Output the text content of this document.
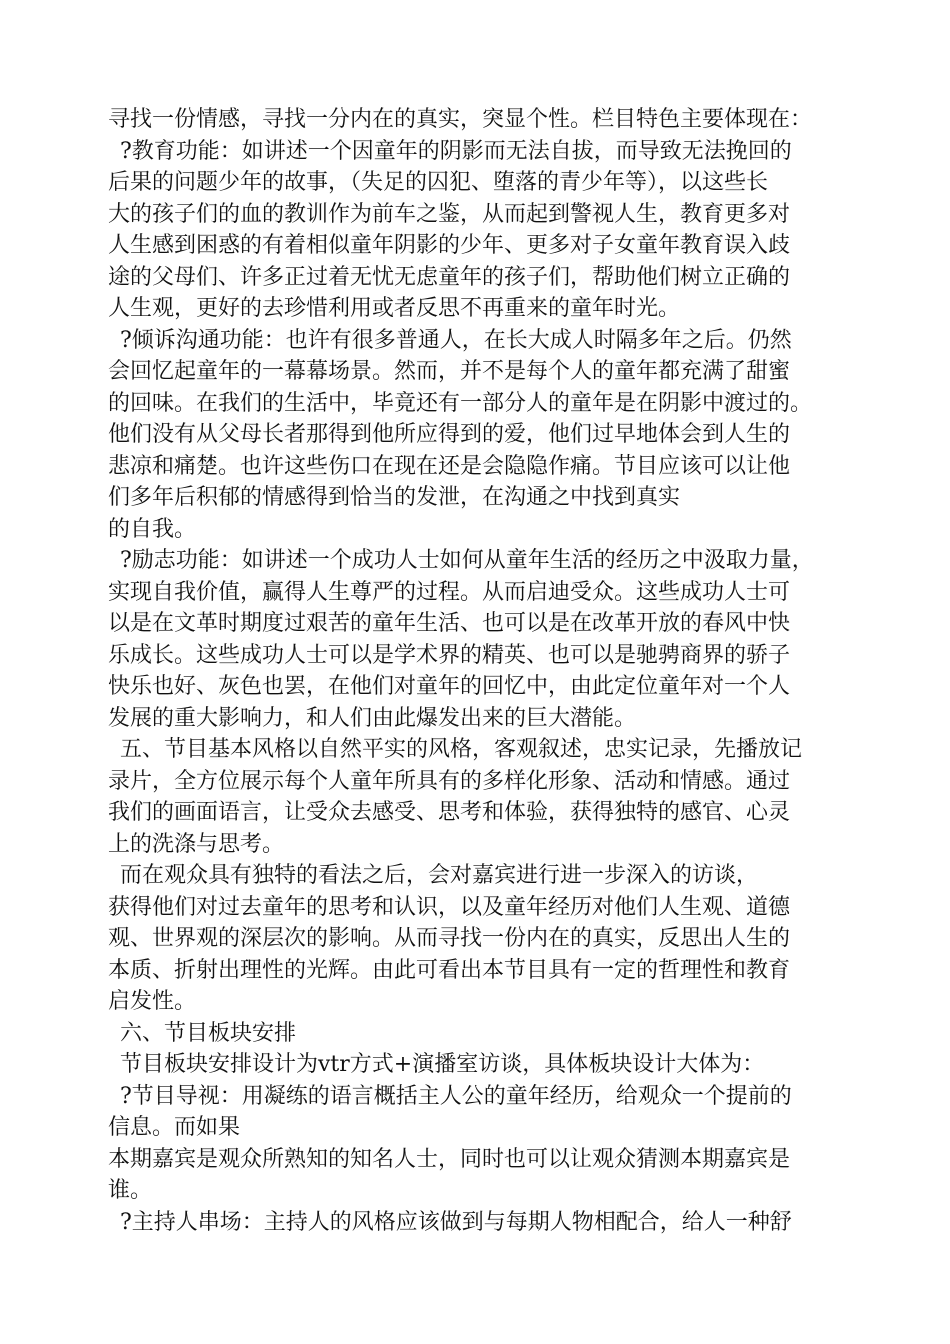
寻找一份情感，寻找一分内在的真实，突显个性。栏目特色主要体现在：
?教育功能：如讲述一个因童年的阴影而无法自拔，而导致无法挽回的
后果的问题少年的故事，（失足的囚犯、堕落的青少年等），以这些长
大的孩子们的血的教训作为前车之鉴，从而起到警视人生，教育更多对
人生感到困惑的有着相似童年阴影的少年、更多对子女童年教育误入歧
途的父母们、许多正过着无忧无虑童年的孩子们，帮助他们树立正确的
人生观，更好的去珍惜利用或者反思不再重来的童年时光。
?倾诉沟通功能：也许有很多普通人，在长大成人时隔多年之后。仍然
会回忆起童年的一幕幕场景。然而，并不是每个人的童年都充满了甜蜜
的回味。在我们的生活中，毕竟还有一部分人的童年是在阴影中渡过的。
他们没有从父母长者那得到他所应得到的爱，他们过早地体会到人生的
悲凉和痛楚。也许这些伤口在现在还是会隐隐作痛。节目应该可以让他
们多年后积郁的情感得到恰当的发泄，在沟通之中找到真实
的自我。
?励志功能：如讲述一个成功人士如何从童年生活的经历之中汲取力量，
实现自我价值，赢得人生尊严的过程。从而启迪受众。这些成功人士可
以是在文革时期度过艰苦的童年生活、也可以是在改革开放的春风中快
乐成长。这些成功人士可以是学术界的精英、也可以是驰骋商界的骄子
快乐也好、灰色也罢，在他们对童年的回忆中，由此定位童年对一个人
发展的重大影响力，和人们由此爆发出来的巨大潜能。
五、节目基本风格以自然平实的风格，客观叙述，忠实记录，先播放记
录片，全方位展示每个人童年所具有的多样化形象、活动和情感。通过
我们的画面语言，让受众去感受、思考和体验，获得独特的感官、心灵
上的洗涤与思考。
而在观众具有独特的看法之后，会对嘉宾进行进一步深入的访谈，
获得他们对过去童年的思考和认识，以及童年经历对他们人生观、道德
观、世界观的深层次的影响。从而寻找一份内在的真实，反思出人生的
本质、折射出理性的光辉。由此可看出本节目具有一定的哲理性和教育
启发性。
六、节目板块安排
节目板块安排设计为vtr方式+演播室访谈，具体板块设计大体为：
?节目导视：用凝练的语言概括主人公的童年经历，给观众一个提前的
信息。而如果
本期嘉宾是观众所熟知的知名人士，同时也可以让观众猜测本期嘉宾是
谁。
?主持人串场：主持人的风格应该做到与每期人物相配合，给人一种舒
